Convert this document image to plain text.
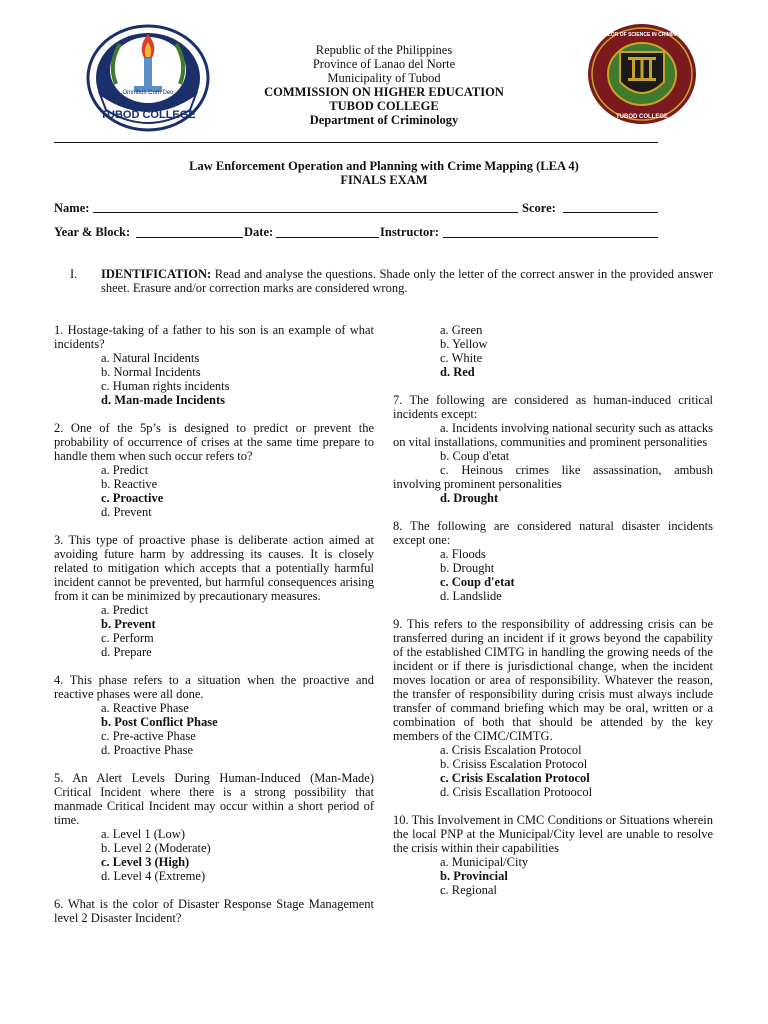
Omnibus Cum Deo
TUBOD COLLEGE
Republic of the Philippines
Province of Lanao del Norte
Municipality of Tubod
COMMISSION ON HIGHER EDUCATION
TUBOD COLLEGE
Department of Criminology
BACHELOR OF SCIENCE IN CRIMINOLOGY
TUBOD COLLEGE
Law Enforcement Operation and Planning with Crime Mapping (LEA 4)
FINALS EXAM
Name:	Score:
Year & Block:	Date:	Instructor:
I. IDENTIFICATION: Read and analyse the questions. Shade only the letter of the correct answer in the provided answer sheet. Erasure and/or correction marks are considered wrong.

1. Hostage-taking of a father to his son is an example of what incidents?

a. Natural Incidents

b. Normal Incidents

c. Human rights incidents

d. Man-made Incidents

2. One of the 5p’s is designed to predict or prevent the probability of occurrence of crises at the same time prepare to handle them when such occur refers to?

a. Predict

b. Reactive

c. Proactive

d. Prevent

3. This type of proactive phase is deliberate action aimed at avoiding future harm by addressing its causes. It is closely related to mitigation which accepts that a potentially harmful incident cannot be prevented, but harmful consequences arising from it can be minimized by precautionary measures.

a. Predict

b. Prevent

c. Perform

d. Prepare

4. This phase refers to a situation when the proactive and reactive phases were all done.

a. Reactive Phase

b. Post Conflict Phase

c. Pre-active Phase

d. Proactive Phase

5. An Alert Levels During Human-Induced (Man-Made) Critical Incident where there is a strong possibility that manmade Critical Incident may occur within a short period of time.

a. Level 1 (Low)

b. Level 2 (Moderate)

c. Level 3 (High)

d. Level 4 (Extreme)

6. What is the color of Disaster Response Stage Management level 2 Disaster Incident?

a. Green

b. Yellow

c. White

d. Red

7. The following are considered as human-induced critical incidents except:

a. Incidents involving national security such as attacks on vital installations, communities and prominent personalities

b. Coup d'etat

c. Heinous crimes like assassination, ambush involving prominent personalities

d. Drought

8. The following are considered natural disaster incidents except one:

a. Floods

b. Drought

c. Coup d'etat

d. Landslide

9. This refers to the responsibility of addressing crisis can be transferred during an incident if it grows beyond the capability of the established CIMTG in handling the growing needs of the incident or if there is jurisdictional change, when the incident moves location or area of responsibility. Whatever the reason, the transfer of responsibility during crisis must always include transfer of command briefing which may be oral, written or a combination of both that should be attended by the key members of the CIMC/CIMTG.

a. Crisis Escalation Protocol

b. Crisiss Escalation Protocol

c. Crisis Escalation Protocol

d. Crisis Escallation Protoocol

10. This Involvement in CMC Conditions or Situations wherein the local PNP at the Municipal/City level are unable to resolve the crisis within their capabilities

a. Municipal/City

b. Provincial

c. Regional
